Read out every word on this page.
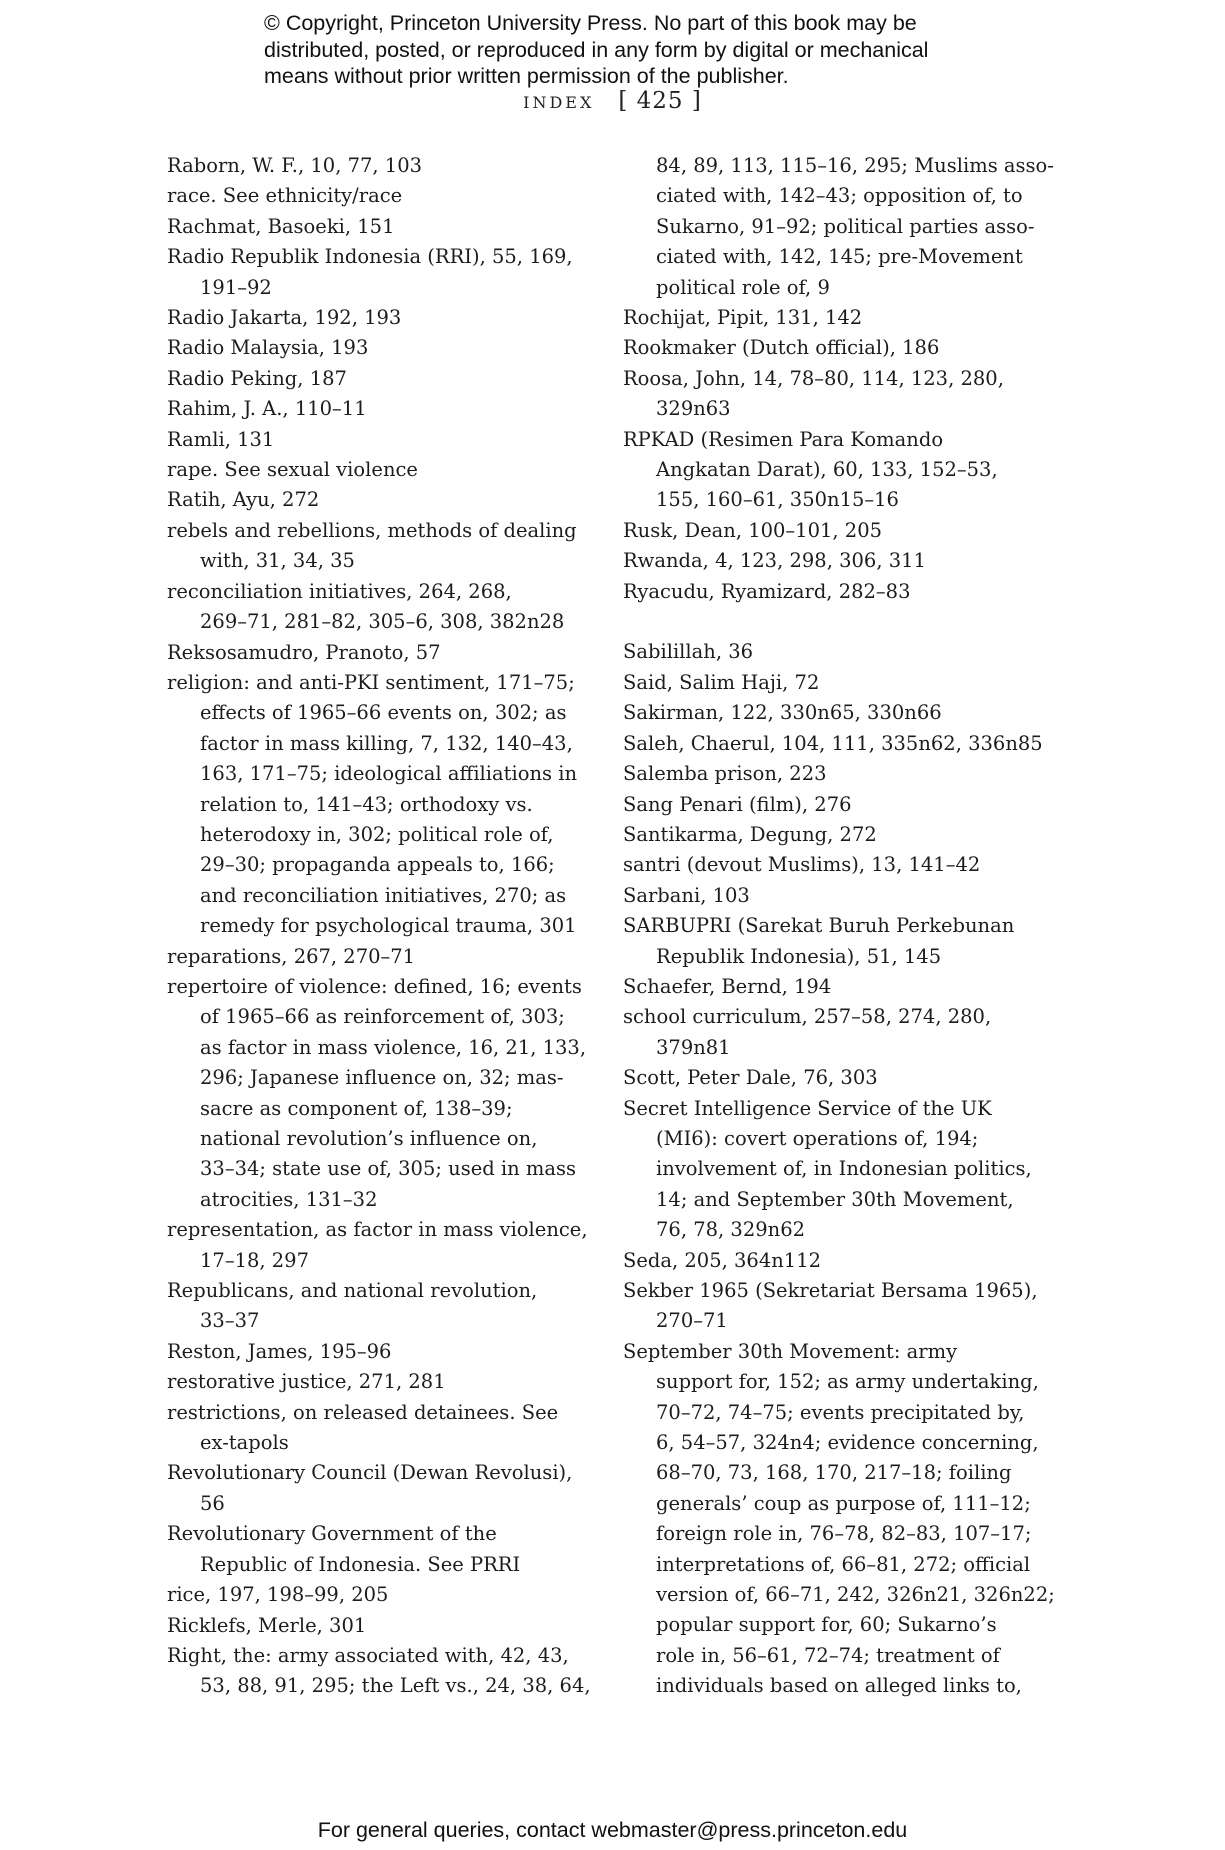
© Copyright, Princeton University Press. No part of this book may be
distributed, posted, or reproduced in any form by digital or mechanical
means without prior written permission of the publisher.
INDEX [ 425 ]
Raborn, W. F., 10, 77, 103
race. See ethnicity/race
Rachmat, Basoeki, 151
Radio Republik Indonesia (RRI), 55, 169,
191–92
Radio Jakarta, 192, 193
Radio Malaysia, 193
Radio Peking, 187
Rahim, J. A., 110–11
Ramli, 131
rape. See sexual violence
Ratih, Ayu, 272
rebels and rebellions, methods of dealing
with, 31, 34, 35
reconciliation initiatives, 264, 268,
269–71, 281–82, 305–6, 308, 382n28
Reksosamudro, Pranoto, 57
religion: and anti-PKI sentiment, 171–75;
effects of 1965–66 events on, 302; as
factor in mass killing, 7, 132, 140–43,
163, 171–75; ideological affiliations in
relation to, 141–43; orthodoxy vs.
heterodoxy in, 302; political role of,
29–30; propaganda appeals to, 166;
and reconciliation initiatives, 270; as
remedy for psychological trauma, 301
reparations, 267, 270–71
repertoire of violence: defined, 16; events
of 1965–66 as reinforcement of, 303;
as factor in mass violence, 16, 21, 133,
296; Japanese influence on, 32; mas-
sacre as component of, 138–39;
national revolution’s influence on,
33–34; state use of, 305; used in mass
atrocities, 131–32
representation, as factor in mass violence,
17–18, 297
Republicans, and national revolution,
33–37
Reston, James, 195–96
restorative justice, 271, 281
restrictions, on released detainees. See
ex-tapols
Revolutionary Council (Dewan Revolusi),
56
Revolutionary Government of the
Republic of Indonesia. See PRRI
rice, 197, 198–99, 205
Ricklefs, Merle, 301
Right, the: army associated with, 42, 43,
53, 88, 91, 295; the Left vs., 24, 38, 64,
84, 89, 113, 115–16, 295; Muslims asso-
ciated with, 142–43; opposition of, to
Sukarno, 91–92; political parties asso-
ciated with, 142, 145; pre-Movement
political role of, 9
Rochijat, Pipit, 131, 142
Rookmaker (Dutch official), 186
Roosa, John, 14, 78–80, 114, 123, 280,
329n63
RPKAD (Resimen Para Komando
Angkatan Darat), 60, 133, 152–53,
155, 160–61, 350n15–16
Rusk, Dean, 100–101, 205
Rwanda, 4, 123, 298, 306, 311
Ryacudu, Ryamizard, 282–83
Sabilillah, 36
Said, Salim Haji, 72
Sakirman, 122, 330n65, 330n66
Saleh, Chaerul, 104, 111, 335n62, 336n85
Salemba prison, 223
Sang Penari (film), 276
Santikarma, Degung, 272
santri (devout Muslims), 13, 141–42
Sarbani, 103
SARBUPRI (Sarekat Buruh Perkebunan
Republik Indonesia), 51, 145
Schaefer, Bernd, 194
school curriculum, 257–58, 274, 280,
379n81
Scott, Peter Dale, 76, 303
Secret Intelligence Service of the UK
(MI6): covert operations of, 194;
involvement of, in Indonesian politics,
14; and September 30th Movement,
76, 78, 329n62
Seda, 205, 364n112
Sekber 1965 (Sekretariat Bersama 1965),
270–71
September 30th Movement: army
support for, 152; as army undertaking,
70–72, 74–75; events precipitated by,
6, 54–57, 324n4; evidence concerning,
68–70, 73, 168, 170, 217–18; foiling
generals’ coup as purpose of, 111–12;
foreign role in, 76–78, 82–83, 107–17;
interpretations of, 66–81, 272; official
version of, 66–71, 242, 326n21, 326n22;
popular support for, 60; Sukarno’s
role in, 56–61, 72–74; treatment of
individuals based on alleged links to,
For general queries, contact webmaster@press.princeton.edu
